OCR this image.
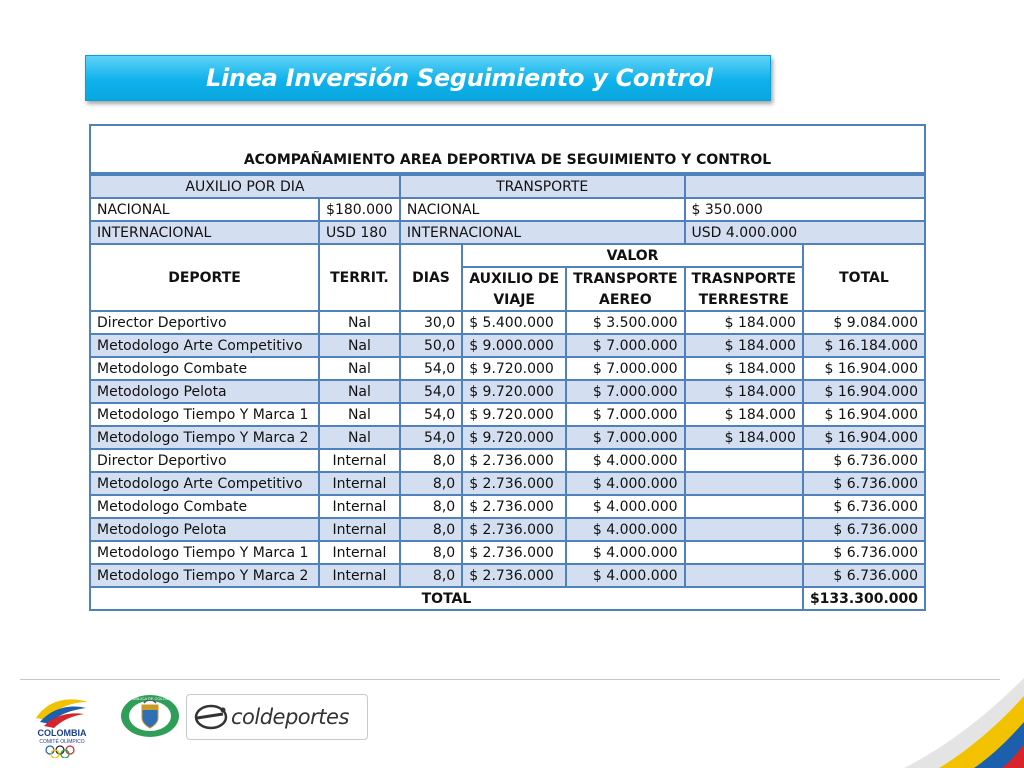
Linea Inversión Seguimiento y Control
ACOMPAÑAMIENTO AREA DEPORTIVA DE SEGUIMIENTO Y CONTROL						
AUXILIO POR DIA		TRANSPORTE				
NACIONAL	$180.000	NACIONAL			$ 350.000	
INTERNACIONAL	USD 180	INTERNACIONAL			USD 4.000.000	
DEPORTE	TERRIT.	DIAS	VALOR			TOTAL
			AUXILIO DE	TRANSPORTE	TRASNPORTE	
			VIAJE	AEREO	TERRESTRE	
Director Deportivo	Nal	30,0	$ 5.400.000	$ 3.500.000	$ 184.000	$ 9.084.000
Metodologo Arte Competitivo	Nal	50,0	$ 9.000.000	$ 7.000.000	$ 184.000	$ 16.184.000
Metodologo Combate	Nal	54,0	$ 9.720.000	$ 7.000.000	$ 184.000	$ 16.904.000
Metodologo Pelota	Nal	54,0	$ 9.720.000	$ 7.000.000	$ 184.000	$ 16.904.000
Metodologo Tiempo Y Marca 1	Nal	54,0	$ 9.720.000	$ 7.000.000	$ 184.000	$ 16.904.000
Metodologo Tiempo Y Marca 2	Nal	54,0	$ 9.720.000	$ 7.000.000	$ 184.000	$ 16.904.000
Director Deportivo	Internal	8,0	$ 2.736.000	$ 4.000.000		$ 6.736.000
Metodologo Arte Competitivo	Internal	8,0	$ 2.736.000	$ 4.000.000		$ 6.736.000
Metodologo Combate	Internal	8,0	$ 2.736.000	$ 4.000.000		$ 6.736.000
Metodologo Pelota	Internal	8,0	$ 2.736.000	$ 4.000.000		$ 6.736.000
Metodologo Tiempo Y Marca 1	Internal	8,0	$ 2.736.000	$ 4.000.000		$ 6.736.000
Metodologo Tiempo Y Marca 2	Internal	8,0	$ 2.736.000	$ 4.000.000		$ 6.736.000
TOTAL						$133.300.000
COLOMBIA
COMITÉ OLÍMPICO
REPUBLICA DE COLOMBIA
coldeportes
